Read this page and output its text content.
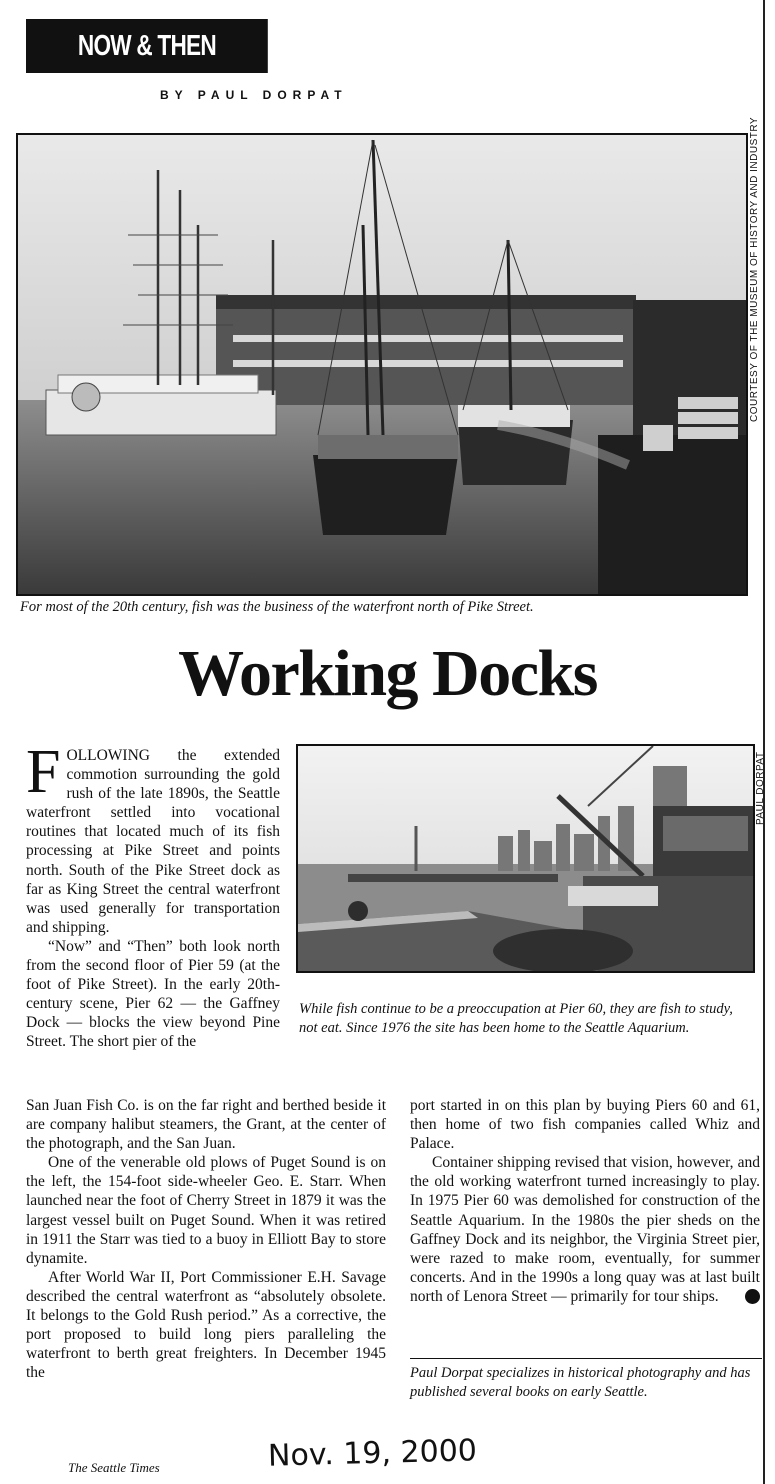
NOW & THEN
BY PAUL DORPAT
COURTESY OF THE MUSEUM OF HISTORY AND INDUSTRY
For most of the 20th century, fish was the business of the waterfront north of Pike Street.
Working Docks
PAUL DORPAT
While fish continue to be a preoccupation at Pier 60, they are fish to study, not eat. Since 1976 the site has been home to the Seattle Aquarium.

FOLLOWING the extended commotion surrounding the gold rush of the late 1890s, the Seattle waterfront settled into vocational routines that located much of its fish processing at Pike Street and points north. South of the Pike Street dock as far as King Street the central waterfront was used generally for transportation and shipping.

“Now” and “Then” both look north from the second floor of Pier 59 (at the foot of Pike Street). In the early 20th-century scene, Pier 62 — the Gaffney Dock — blocks the view beyond Pine Street. The short pier of the

San Juan Fish Co. is on the far right and berthed beside it are company halibut steamers, the Grant, at the center of the photograph, and the San Juan.

One of the venerable old plows of Puget Sound is on the left, the 154-foot side-wheeler Geo. E. Starr. When launched near the foot of Cherry Street in 1879 it was the largest vessel built on Puget Sound. When it was retired in 1911 the Starr was tied to a buoy in Elliott Bay to store dynamite.

After World War II, Port Commissioner E.H. Savage described the central waterfront as “absolutely obsolete. It belongs to the Gold Rush period.” As a corrective, the port proposed to build long piers paralleling the waterfront to berth great freighters. In December 1945 the

port started in on this plan by buying Piers 60 and 61, then home of two fish companies called Whiz and Palace.

Container shipping revised that vision, however, and the old working waterfront turned increasingly to play. In 1975 Pier 60 was demolished for construction of the Seattle Aquarium. In the 1980s the pier sheds on the Gaffney Dock and its neighbor, the Virginia Street pier, were razed to make room, eventually, for summer concerts. And in the 1990s a long quay was at last built north of Lenora Street — primarily for tour ships.	P

Paul Dorpat specializes in historical photography and has published several books on early Seattle.
The Seattle Times	Nov. 19, 2000
